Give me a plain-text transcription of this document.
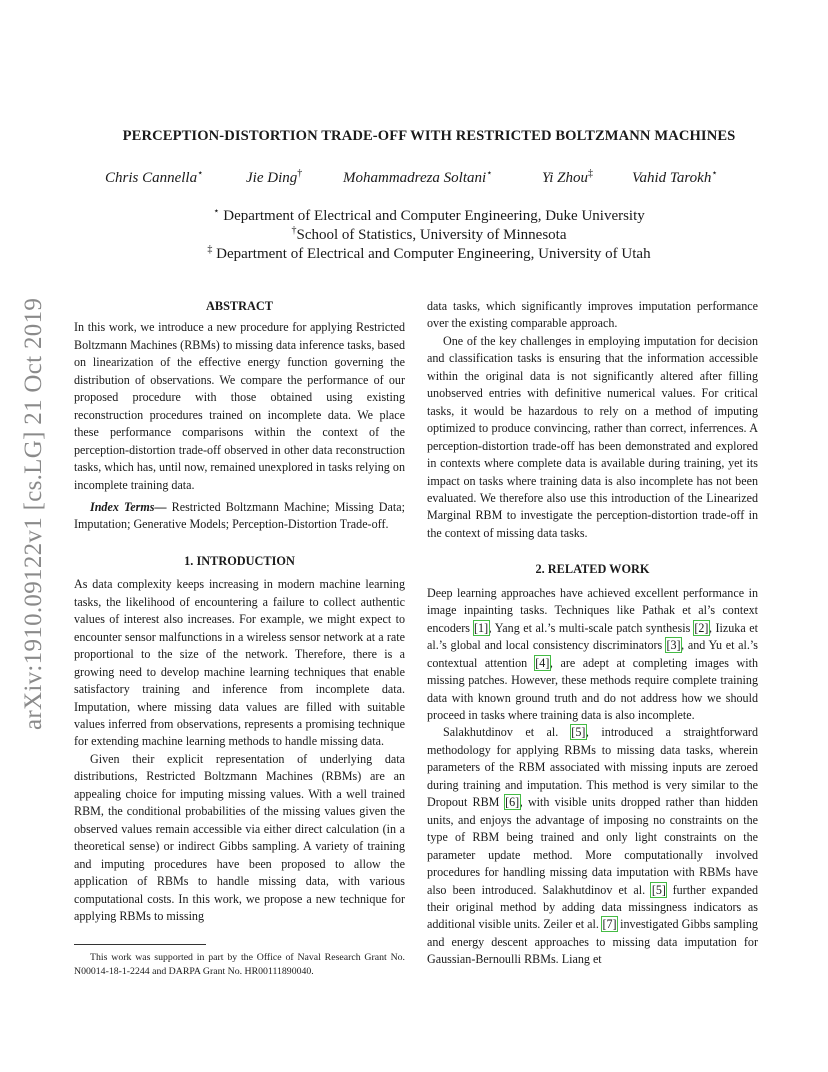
arXiv:1910.09122v1 [cs.LG] 21 Oct 2019
PERCEPTION-DISTORTION TRADE-OFF WITH RESTRICTED BOLTZMANN MACHINES
Chris Cannella⋆	Jie Ding†	Mohammadreza Soltani⋆	Yi Zhou‡	Vahid Tarokh⋆
⋆ Department of Electrical and Computer Engineering, Duke University
†School of Statistics, University of Minnesota
‡ Department of Electrical and Computer Engineering, University of Utah

ABSTRACT

In this work, we introduce a new procedure for applying Restricted Boltzmann Machines (RBMs) to missing data inference tasks, based on linearization of the effective energy function governing the distribution of observations. We compare the performance of our proposed procedure with those obtained using existing reconstruction procedures trained on incomplete data. We place these performance comparisons within the context of the perception-distortion trade-off observed in other data reconstruction tasks, which has, until now, remained unexplored in tasks relying on incomplete training data.

Index Terms— Restricted Boltzmann Machine; Missing Data; Imputation; Generative Models; Perception-Distortion Trade-off.

1. INTRODUCTION

As data complexity keeps increasing in modern machine learning tasks, the likelihood of encountering a failure to collect authentic values of interest also increases. For example, we might expect to encounter sensor malfunctions in a wireless sensor network at a rate proportional to the size of the network. Therefore, there is a growing need to develop machine learning techniques that enable satisfactory training and inference from incomplete data. Imputation, where missing data values are filled with suitable values inferred from observations, represents a promising technique for extending machine learning methods to handle missing data.

Given their explicit representation of underlying data distributions, Restricted Boltzmann Machines (RBMs) are an appealing choice for imputing missing values. With a well trained RBM, the conditional probabilities of the missing values given the observed values remain accessible via either direct calculation (in a theoretical sense) or indirect Gibbs sampling. A variety of training and imputing procedures have been proposed to allow the application of RBMs to handle missing data, with various computational costs. In this work, we propose a new technique for applying RBMs to missing

This work was supported in part by the Office of Naval Research Grant No. N00014-18-1-2244 and DARPA Grant No. HR00111890040.

data tasks, which significantly improves imputation performance over the existing comparable approach.

One of the key challenges in employing imputation for decision and classification tasks is ensuring that the information accessible within the original data is not significantly altered after filling unobserved entries with definitive numerical values. For critical tasks, it would be hazardous to rely on a method of imputing optimized to produce convincing, rather than correct, inferrences. A perception-distortion trade-off has been demonstrated and explored in contexts where complete data is available during training, yet its impact on tasks where training data is also incomplete has not been evaluated. We therefore also use this introduction of the Linearized Marginal RBM to investigate the perception-distortion trade-off in the context of missing data tasks.

2. RELATED WORK

Deep learning approaches have achieved excellent performance in image inpainting tasks. Techniques like Pathak et al’s context encoders [1], Yang et al.’s multi-scale patch synthesis [2], Iizuka et al.’s global and local consistency discriminators [3], and Yu et al.’s contextual attention [4], are adept at completing images with missing patches. However, these methods require complete training data with known ground truth and do not address how we should proceed in tasks where training data is also incomplete.

Salakhutdinov et al. [5], introduced a straightforward methodology for applying RBMs to missing data tasks, wherein parameters of the RBM associated with missing inputs are zeroed during training and imputation. This method is very similar to the Dropout RBM [6], with visible units dropped rather than hidden units, and enjoys the advantage of imposing no constraints on the type of RBM being trained and only light constraints on the parameter update method. More computationally involved procedures for handling missing data imputation with RBMs have also been introduced. Salakhutdinov et al. [5] further expanded their original method by adding data missingness indicators as additional visible units. Zeiler et al. [7] investigated Gibbs sampling and energy descent approaches to missing data imputation for Gaussian-Bernoulli RBMs. Liang et
